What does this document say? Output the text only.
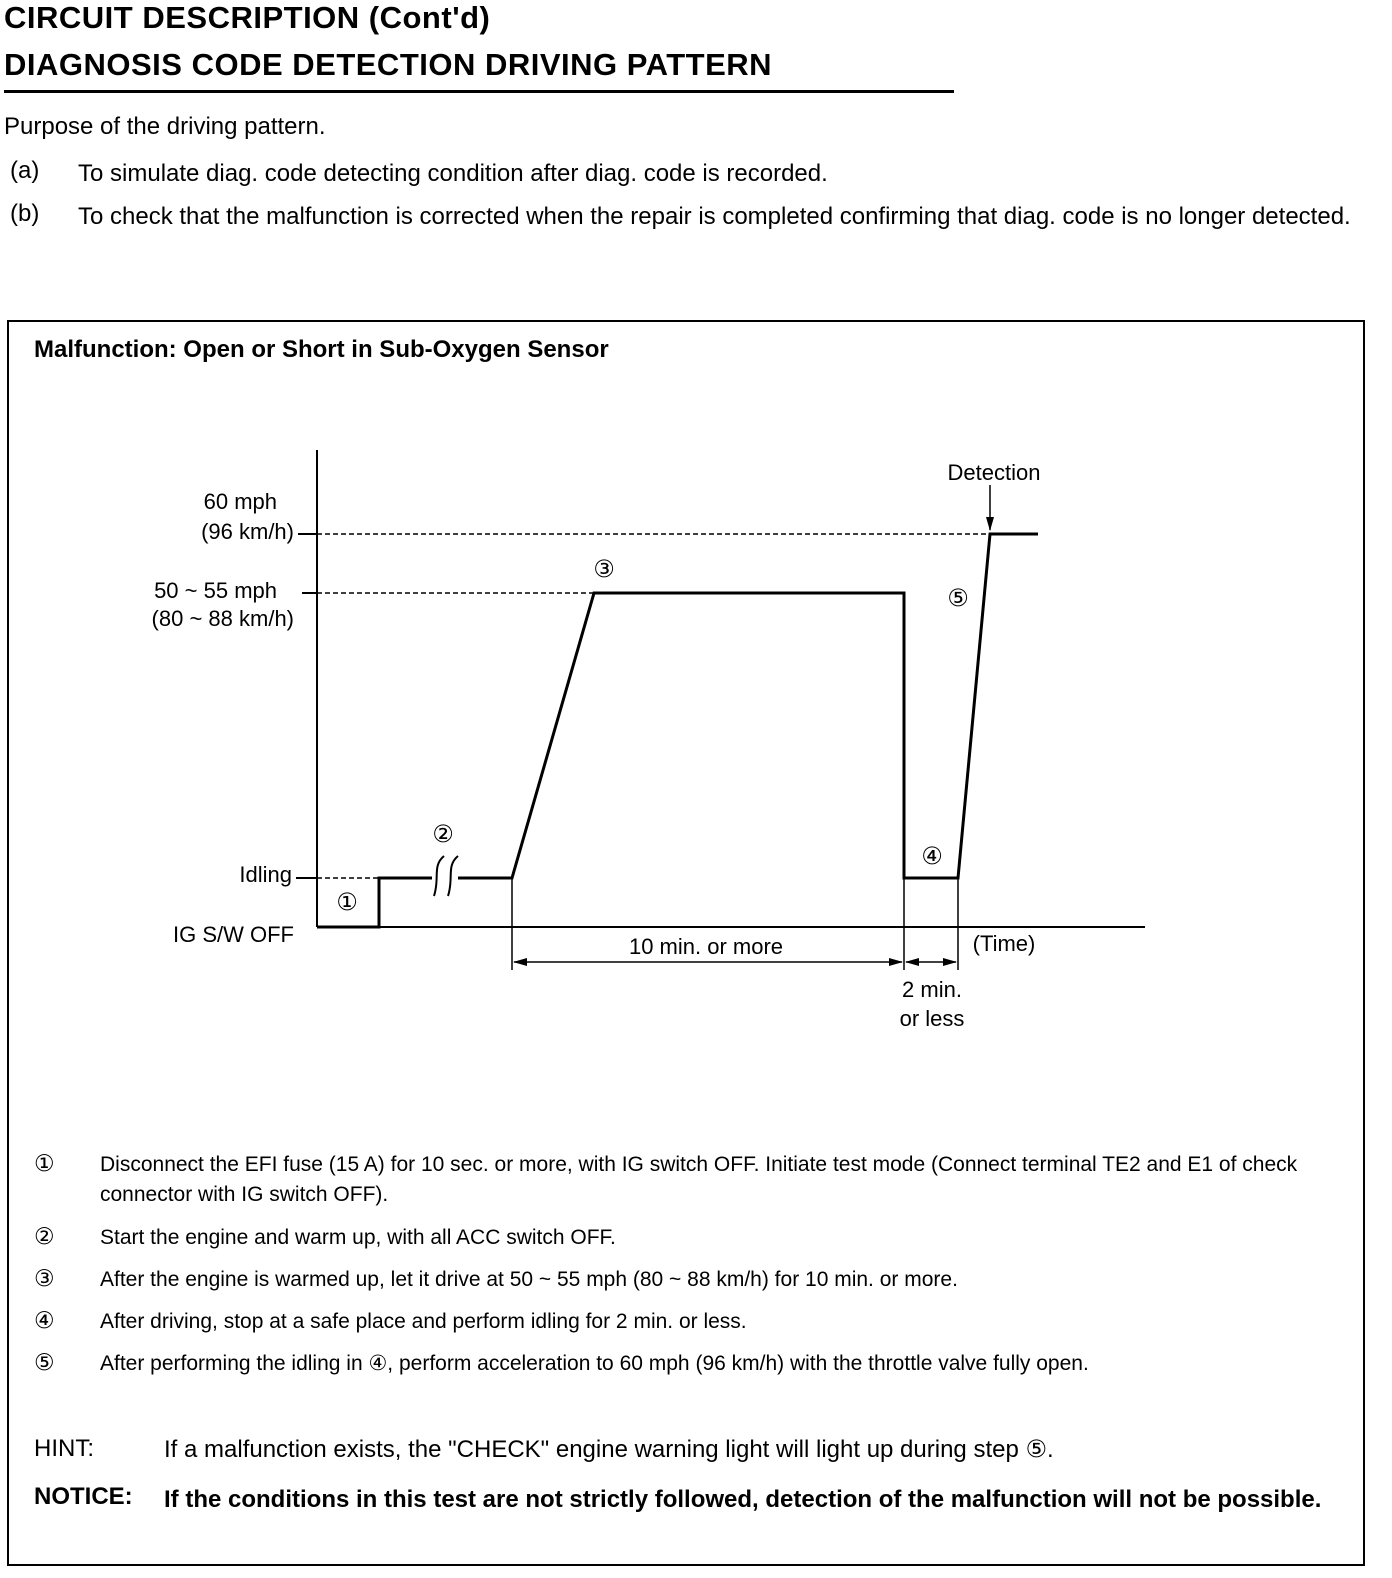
CIRCUIT DESCRIPTION (Cont'd)
DIAGNOSIS CODE DETECTION DRIVING PATTERN
Purpose of the driving pattern.
(a) To simulate diag. code detecting condition after diag. code is recorded.
(b) To check that the malfunction is corrected when the repair is completed confirming that diag. code is no longer detected.
Malfunction: Open or Short in Sub-Oxygen Sensor
60 mph
(96 km/h)
50 ~ 55 mph
(80 ~ 88 km/h)
Idling
IG S/W OFF
Detection
(Time)
10 min. or more
2 min.
or less
①
②
③
④
⑤
① Disconnect the EFI fuse (15 A) for 10 sec. or more, with IG switch OFF. Initiate test mode (Connect terminal TE2 and E1 of check connector with IG switch OFF).
② Start the engine and warm up, with all ACC switch OFF.
③ After the engine is warmed up, let it drive at 50 ~ 55 mph (80 ~ 88 km/h) for 10 min. or more.
④ After driving, stop at a safe place and perform idling for 2 min. or less.
⑤ After performing the idling in ④, perform acceleration to 60 mph (96 km/h) with the throttle valve fully open.
HINT:	If a malfunction exists, the "CHECK" engine warning light will light up during step ⑤.
NOTICE: If the conditions in this test are not strictly followed, detection of the malfunction will not be possible.
